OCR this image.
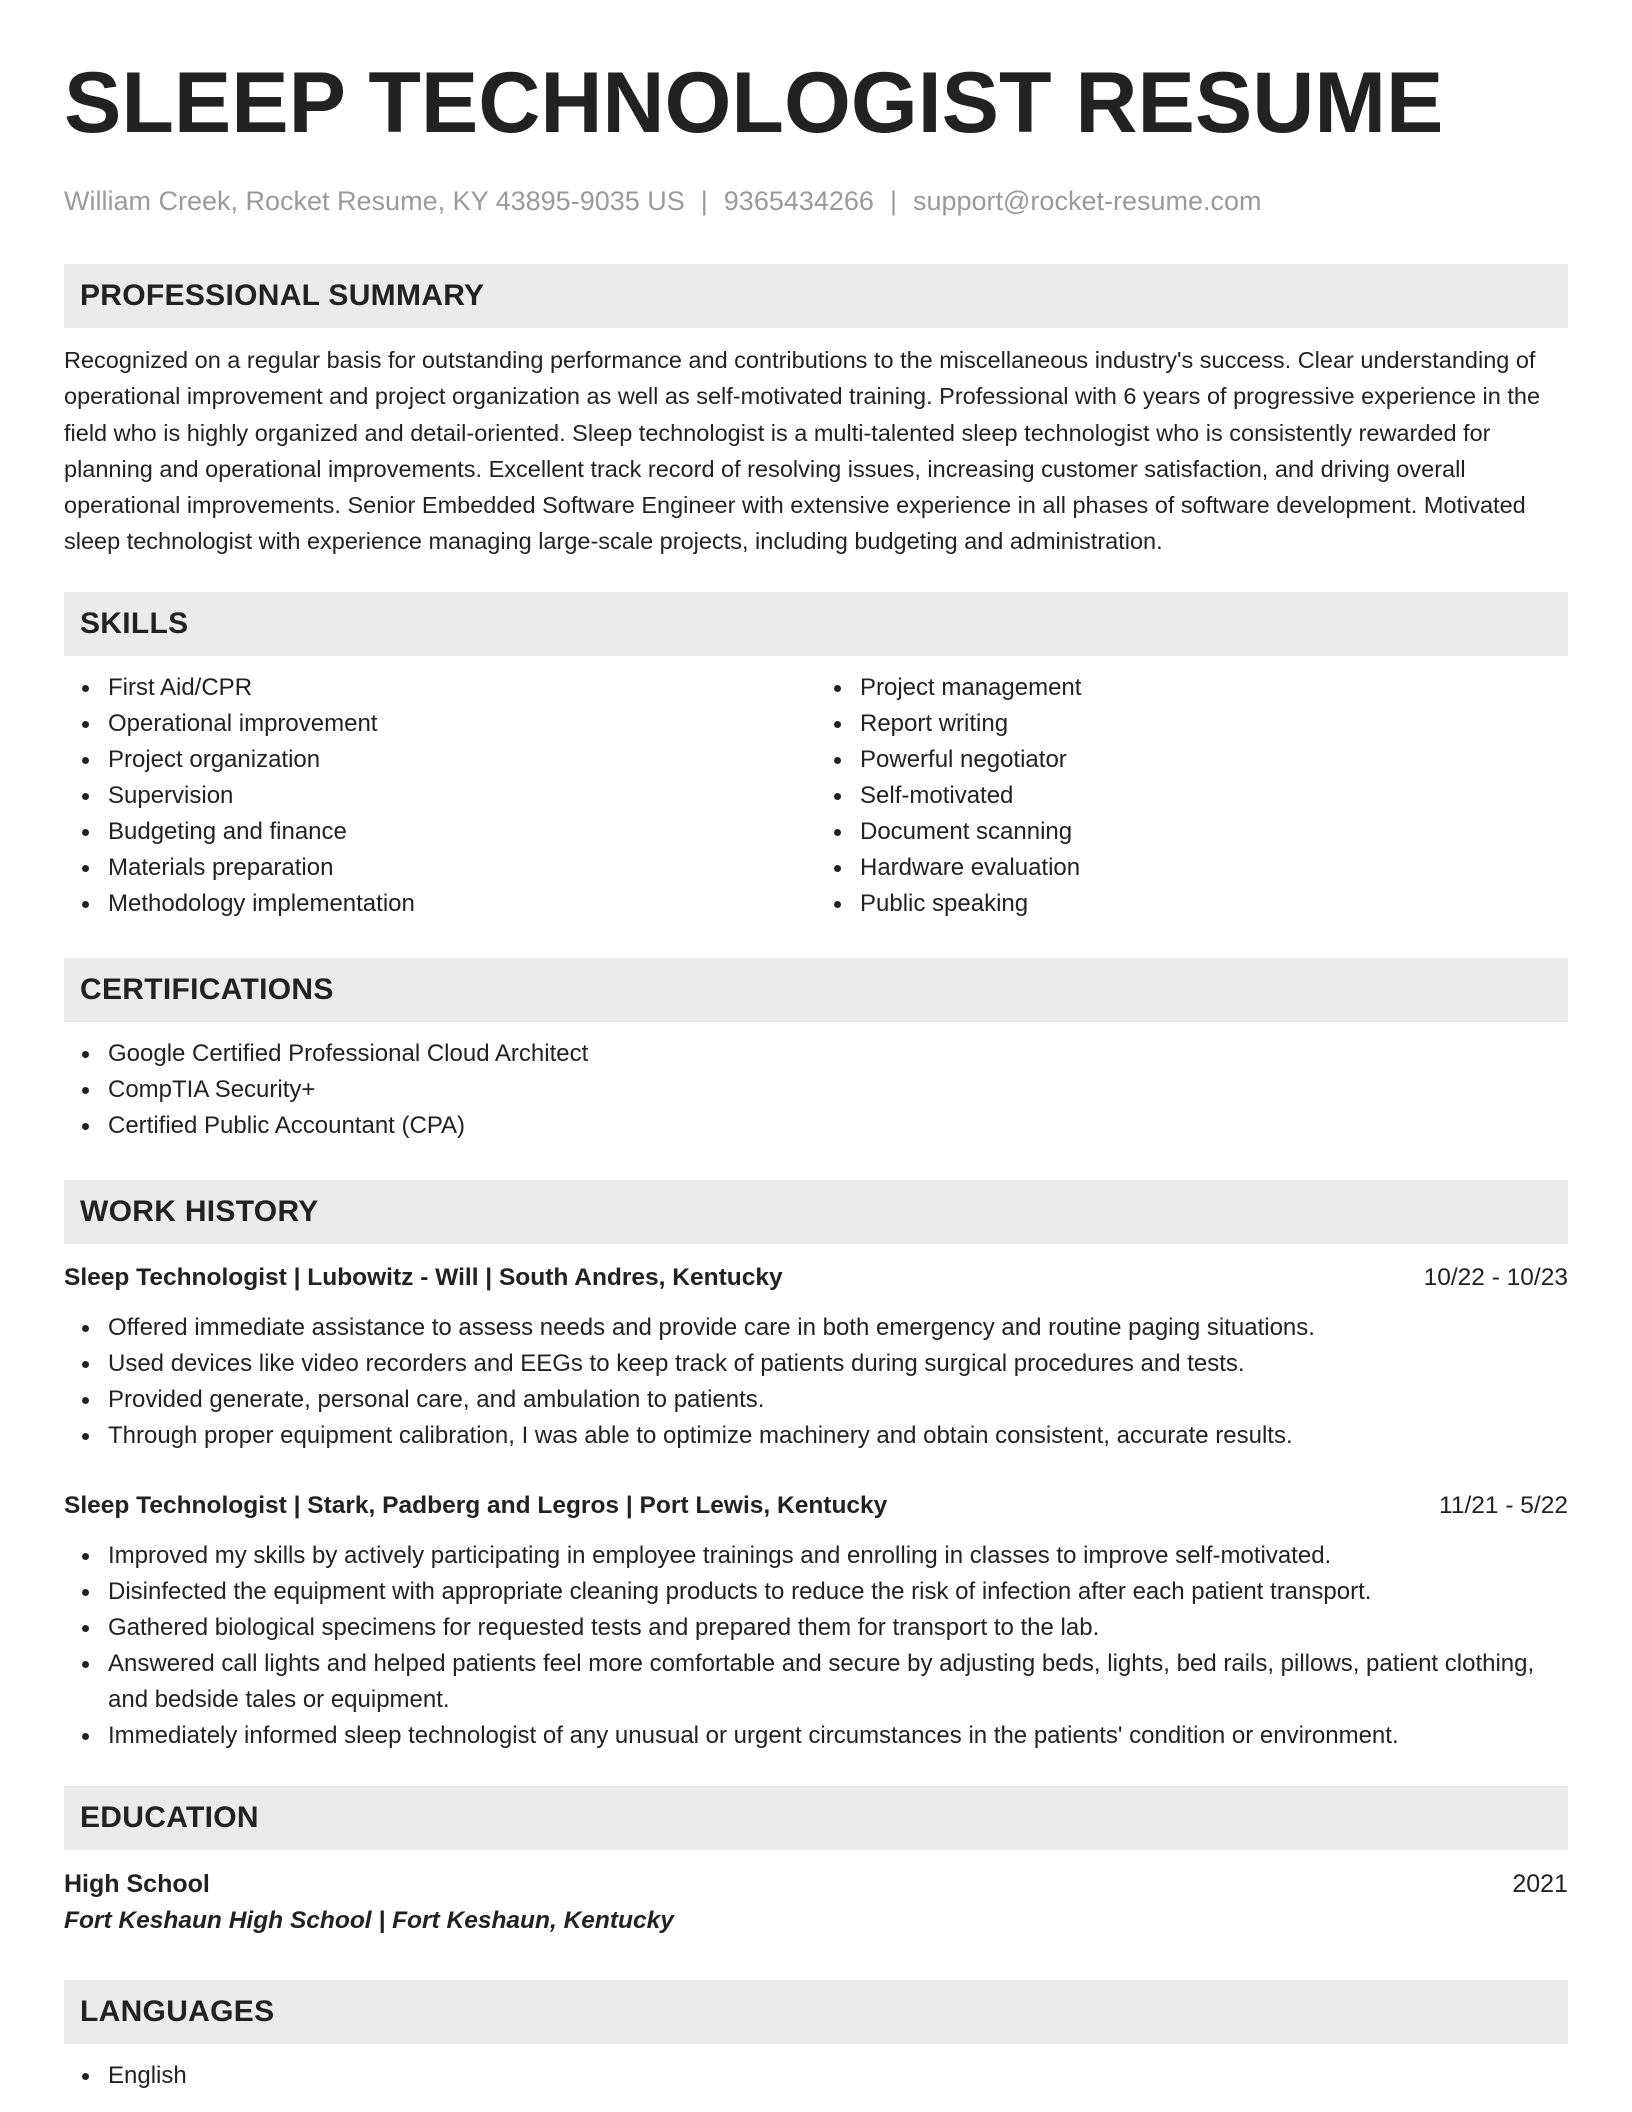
SLEEP TECHNOLOGIST RESUME
William Creek, Rocket Resume, KY 43895-9035 US | 9365434266 | support@rocket-resume.com
PROFESSIONAL SUMMARY

Recognized on a regular basis for outstanding performance and contributions to the miscellaneous industry's success. Clear understanding of operational improvement and project organization as well as self-motivated training. Professional with 6 years of progressive experience in the field who is highly organized and detail-oriented. Sleep technologist is a multi-talented sleep technologist who is consistently rewarded for planning and operational improvements. Excellent track record of resolving issues, increasing customer satisfaction, and driving overall operational improvements. Senior Embedded Software Engineer with extensive experience in all phases of software development. Motivated sleep technologist with experience managing large-scale projects, including budgeting and administration.

SKILLS
First Aid/CPR
Operational improvement
Project organization
Supervision
Budgeting and finance
Materials preparation
Methodology implementation
Project management
Report writing
Powerful negotiator
Self-motivated
Document scanning
Hardware evaluation
Public speaking
CERTIFICATIONS
Google Certified Professional Cloud Architect
CompTIA Security+
Certified Public Accountant (CPA)
WORK HISTORY
Sleep Technologist | Lubowitz - Will | South Andres, Kentucky	10/22 - 10/23
Offered immediate assistance to assess needs and provide care in both emergency and routine paging situations.
Used devices like video recorders and EEGs to keep track of patients during surgical procedures and tests.
Provided generate, personal care, and ambulation to patients.
Through proper equipment calibration, I was able to optimize machinery and obtain consistent, accurate results.
Sleep Technologist | Stark, Padberg and Legros | Port Lewis, Kentucky	11/21 - 5/22
Improved my skills by actively participating in employee trainings and enrolling in classes to improve self-motivated.
Disinfected the equipment with appropriate cleaning products to reduce the risk of infection after each patient transport.
Gathered biological specimens for requested tests and prepared them for transport to the lab.
Answered call lights and helped patients feel more comfortable and secure by adjusting beds, lights, bed rails, pillows, patient clothing, and bedside tales or equipment.
Immediately informed sleep technologist of any unusual or urgent circumstances in the patients' condition or environment.
EDUCATION
High School	2021
Fort Keshaun High School | Fort Keshaun, Kentucky
LANGUAGES
English
